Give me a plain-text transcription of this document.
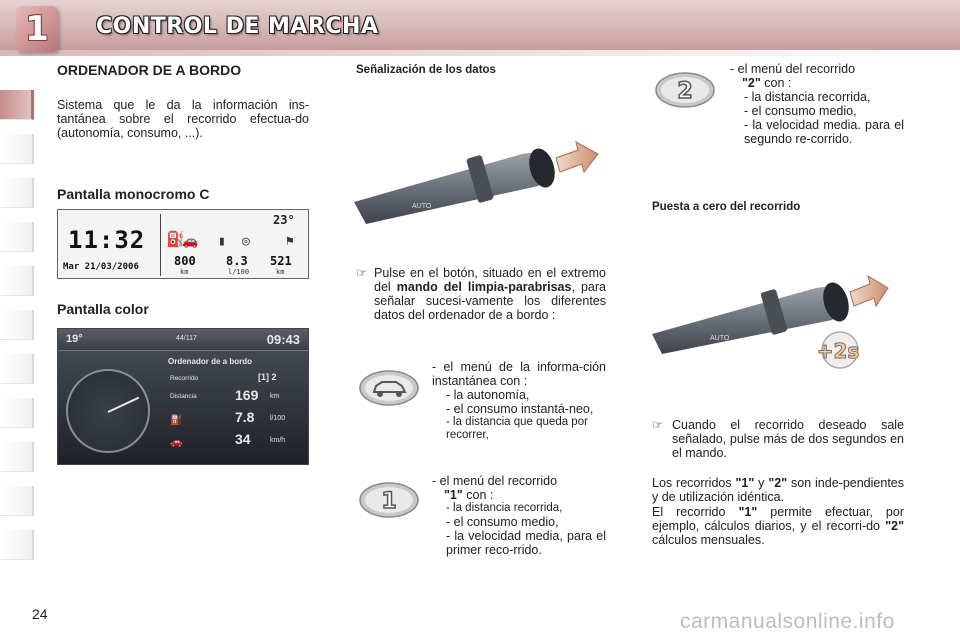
1 CONTROL DE MARCHA
ORDENADOR DE A BORDO
Sistema que le da la información ins-tantánea sobre el recorrido efectua-do (autonomía, consumo, ...).
Pantalla monocromo C
11:32
Mar 21/03/2006
23°
⛽
🚗 ▮ ◎	⚑
800	8.3 521
km	l/100	km
Pantalla color
19°	44/117	09:43
Ordenador de a bordo
Recorrido	[1] 2
Distancia	169 km
⛽	7.8 l/100
🚗	34	km/h
Señalización de los datos
AUTO
☞ Pulse en el botón, situado en el extremo del mando del limpia-parabrisas, para señalar sucesi-vamente los diferentes datos del ordenador de a bordo :
- el menú de la informa-ción instantánea con :
- la autonomía,
- el consumo instantá-neo,
- la distancia que queda por recorrer,
1
- el menú del recorrido
"1" con :
- la distancia recorrida,
- el consumo medio,
- la velocidad media, para el primer reco-rrido.
2
- el menú del recorrido
"2" con :
- la distancia recorrida,
- el consumo medio,
- la velocidad media. para el segundo re-corrido.
Puesta a cero del recorrido
AUTO
+2s
☞ Cuando el recorrido deseado sale señalado, pulse más de dos segundos en el mando.
Los recorridos "1" y "2" son inde-pendientes y de utilización idéntica.
El recorrido "1" permite efectuar, por ejemplo, cálculos diarios, y el recorri-do "2" cálculos mensuales.
24	carmanualsonline.info
